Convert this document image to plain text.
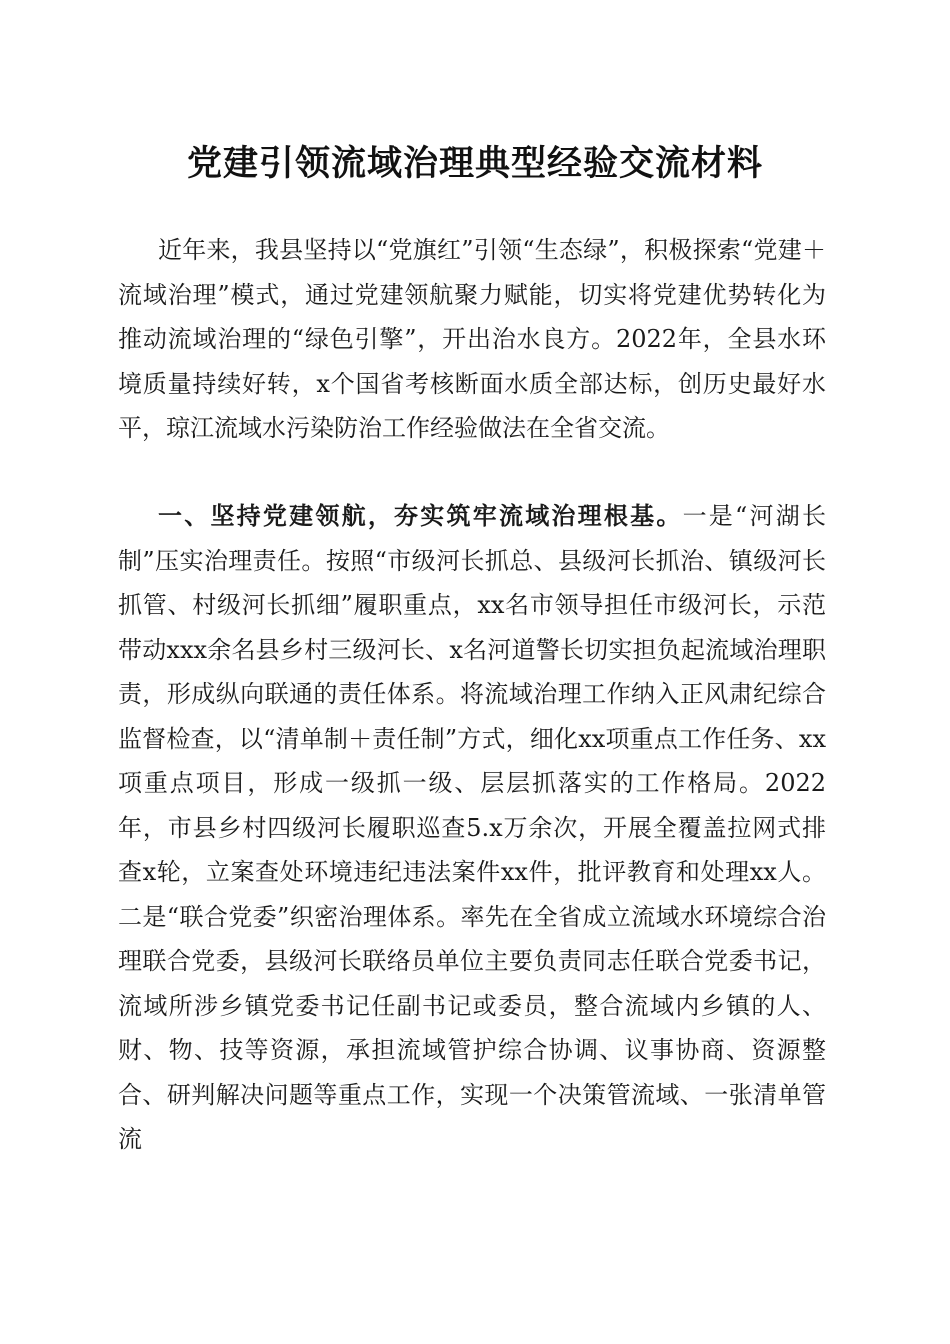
党建引领流域治理典型经验交流材料

近年来，我县坚持以“党旗红”引领“生态绿”，积极探索“党建＋流域治理”模式，通过党建领航聚力赋能，切实将党建优势转化为推动流域治理的“绿色引擎”，开出治水良方。2022年，全县水环境质量持续好转，x个国省考核断面水质全部达标，创历史最好水平，琼江流域水污染防治工作经验做法在全省交流。

一、坚持党建领航，夯实筑牢流域治理根基。一是“河湖长制”压实治理责任。按照“市级河长抓总、县级河长抓治、镇级河长抓管、村级河长抓细”履职重点，xx名市领导担任市级河长，示范带动xxx余名县乡村三级河长、x名河道警长切实担负起流域治理职责，形成纵向联通的责任体系。将流域治理工作纳入正风肃纪综合监督检查，以“清单制＋责任制”方式，细化xx项重点工作任务、xx项重点项目，形成一级抓一级、层层抓落实的工作格局。2022年，市县乡村四级河长履职巡查5.x万余次，开展全覆盖拉网式排查x轮，立案查处环境违纪违法案件xx件，批评教育和处理xx人。二是“联合党委”织密治理体系。率先在全省成立流域水环境综合治理联合党委，县级河长联络员单位主要负责同志任联合党委书记，流域所涉乡镇党委书记任副书记或委员，整合流域内乡镇的人、财、物、技等资源，承担流域管护综合协调、议事协商、资源整合、研判解决问题等重点工作，实现一个决策管流域、一张清单管流
